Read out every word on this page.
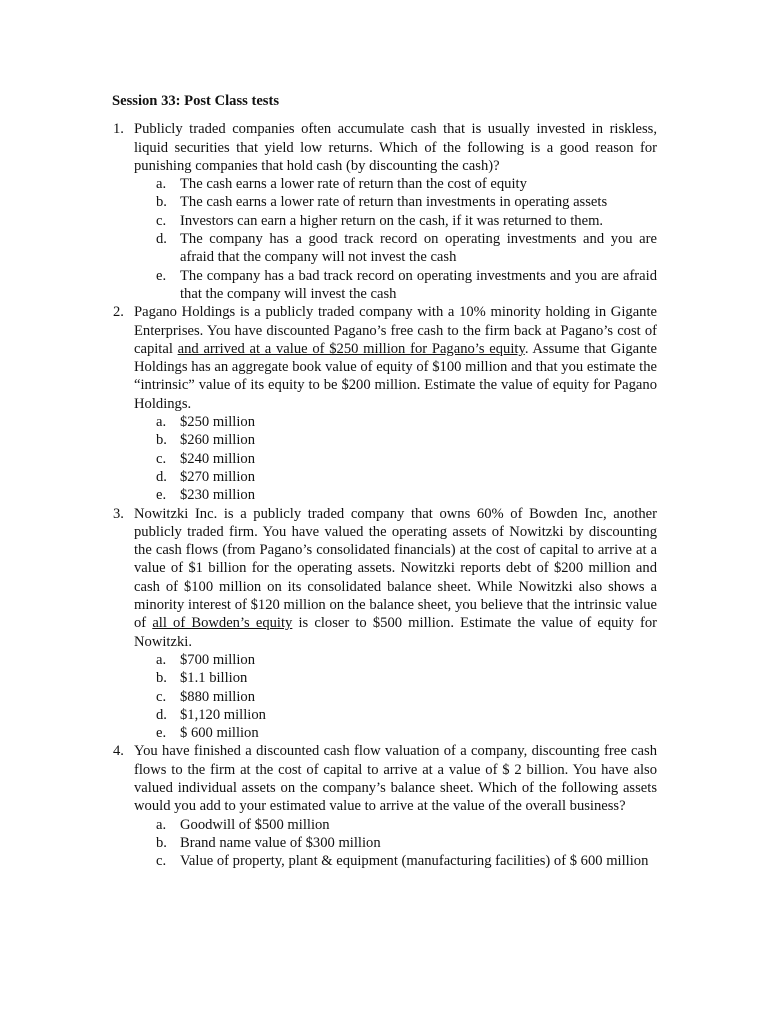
Session 33: Post Class tests
1. Publicly traded companies often accumulate cash that is usually invested in riskless, liquid securities that yield low returns. Which of the following is a good reason for punishing companies that hold cash (by discounting the cash)?
a. The cash earns a lower rate of return than the cost of equity
b. The cash earns a lower rate of return than investments in operating assets
c. Investors can earn a higher return on the cash, if it was returned to them.
d. The company has a good track record on operating investments and you are afraid that the company will not invest the cash
e. The company has a bad track record on operating investments and you are afraid that the company will invest the cash
2. Pagano Holdings is a publicly traded company with a 10% minority holding in Gigante Enterprises. You have discounted Pagano’s free cash to the firm back at Pagano’s cost of capital and arrived at a value of $250 million for Pagano’s equity. Assume that Gigante Holdings has an aggregate book value of equity of $100 million and that you estimate the “intrinsic” value of its equity to be $200 million. Estimate the value of equity for Pagano Holdings.
a. $250 million
b. $260 million
c. $240 million
d. $270 million
e. $230 million
3. Nowitzki Inc. is a publicly traded company that owns 60% of Bowden Inc, another publicly traded firm. You have valued the operating assets of Nowitzki by discounting the cash flows (from Pagano’s consolidated financials) at the cost of capital to arrive at a value of $1 billion for the operating assets. Nowitzki reports debt of $200 million and cash of $100 million on its consolidated balance sheet. While Nowitzki also shows a minority interest of $120 million on the balance sheet, you believe that the intrinsic value of all of Bowden’s equity is closer to $500 million. Estimate the value of equity for Nowitzki.
a. $700 million
b. $1.1 billion
c. $880 million
d. $1,120 million
e. $ 600 million
4. You have finished a discounted cash flow valuation of a company, discounting free cash flows to the firm at the cost of capital to arrive at a value of $ 2 billion. You have also valued individual assets on the company’s balance sheet. Which of the following assets would you add to your estimated value to arrive at the value of the overall business?
a. Goodwill of $500 million
b. Brand name value of $300 million
c. Value of property, plant & equipment (manufacturing facilities) of $ 600 million
